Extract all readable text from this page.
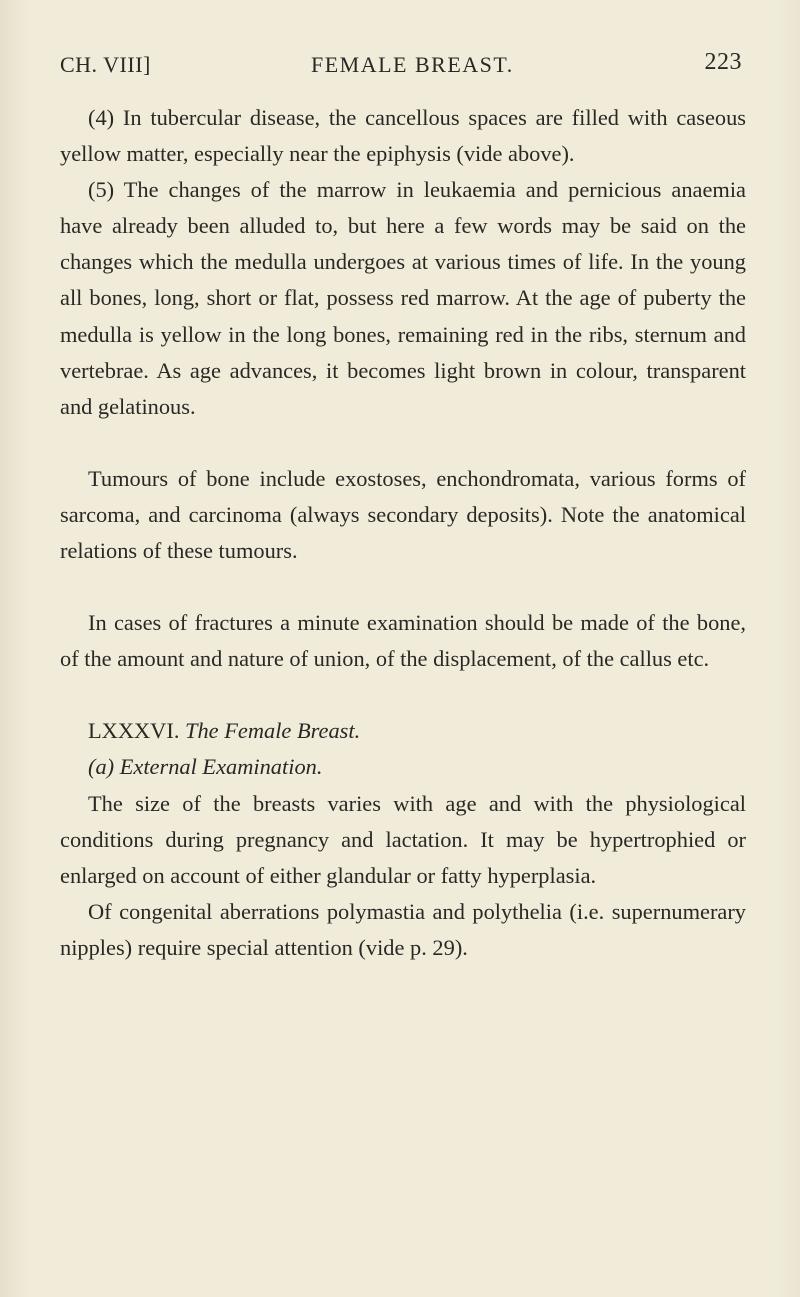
CH. VIII]	FEMALE BREAST.	223

(4) In tubercular disease, the cancellous spaces are filled with caseous yellow matter, especially near the epiphysis (vide above).

(5) The changes of the marrow in leukaemia and pernicious anaemia have already been alluded to, but here a few words may be said on the changes which the medulla undergoes at various times of life. In the young all bones, long, short or flat, possess red marrow. At the age of puberty the medulla is yellow in the long bones, remaining red in the ribs, sternum and vertebrae. As age advances, it becomes light brown in colour, transparent and gelatinous.

Tumours of bone include exostoses, enchondromata, various forms of sarcoma, and carcinoma (always secondary deposits). Note the anatomical relations of these tumours.

In cases of fractures a minute examination should be made of the bone, of the amount and nature of union, of the displacement, of the callus etc.

LXXXVI. The Female Breast.

(a) External Examination.

The size of the breasts varies with age and with the physiological conditions during pregnancy and lactation. It may be hypertrophied or enlarged on account of either glandular or fatty hyperplasia.

Of congenital aberrations polymastia and polythelia (i.e. supernumerary nipples) require special attention (vide p. 29).
